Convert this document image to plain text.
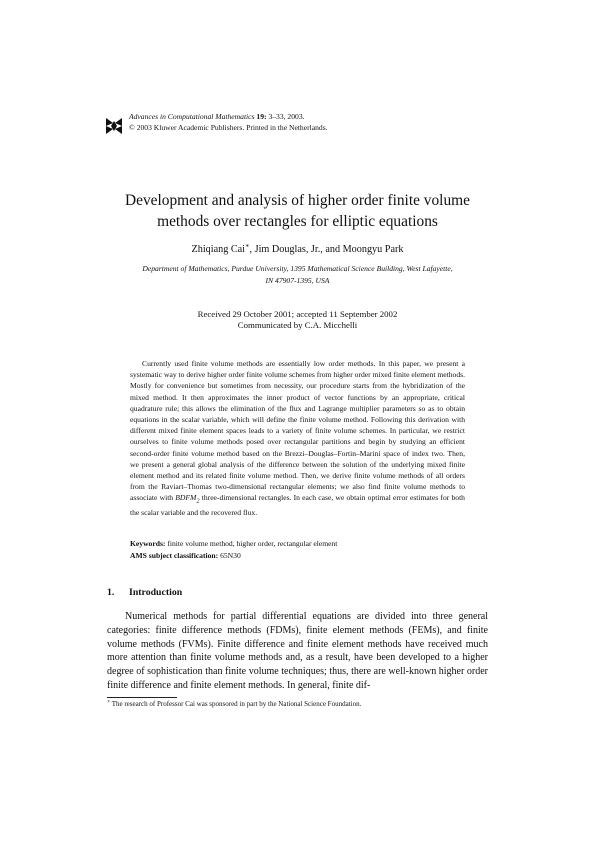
Advances in Computational Mathematics 19: 3–33, 2003.
© 2003 Kluwer Academic Publishers. Printed in the Netherlands.
Development and analysis of higher order finite volume
methods over rectangles for elliptic equations
Zhiqiang Cai∗, Jim Douglas, Jr., and Moongyu Park
Department of Mathematics, Purdue University, 1395 Mathematical Science Building, West Lafayette,
IN 47907-1395, USA
Received 29 October 2001; accepted 11 September 2002
Communicated by C.A. Micchelli

Currently used finite volume methods are essentially low order methods. In this paper, we present a systematic way to derive higher order finite volume schemes from higher order mixed finite element methods. Mostly for convenience but sometimes from necessity, our procedure starts from the hybridization of the mixed method. It then approximates the inner product of vector functions by an appropriate, critical quadrature rule; this allows the elimination of the flux and Lagrange multiplier parameters so as to obtain equations in the scalar variable, which will define the finite volume method. Following this derivation with different mixed finite element spaces leads to a variety of finite volume schemes. In particular, we restrict ourselves to finite volume methods posed over rectangular partitions and begin by studying an efficient second-order finite volume method based on the Brezzi–Douglas–Fortin–Marini space of index two. Then, we present a general global analysis of the difference between the solution of the underlying mixed finite element method and its related finite volume method. Then, we derive finite volume methods of all orders from the Raviart–Thomas two-dimensional rectangular elements; we also find finite volume methods to associate with $BDFM_2$ three-dimensional rectangles. In each case, we obtain optimal error estimates for both the scalar variable and the recovered flux.

Keywords: finite volume method, higher order, rectangular element
AMS subject classification: 65N30
1. Introduction

Numerical methods for partial differential equations are divided into three general categories: finite difference methods (FDMs), finite element methods (FEMs), and finite volume methods (FVMs). Finite difference and finite element methods have received much more attention than finite volume methods and, as a result, have been developed to a higher degree of sophistication than finite volume techniques; thus, there are well-known higher order finite difference and finite element methods. In general, finite dif-

∗ The research of Professor Cai was sponsored in part by the National Science Foundation.
